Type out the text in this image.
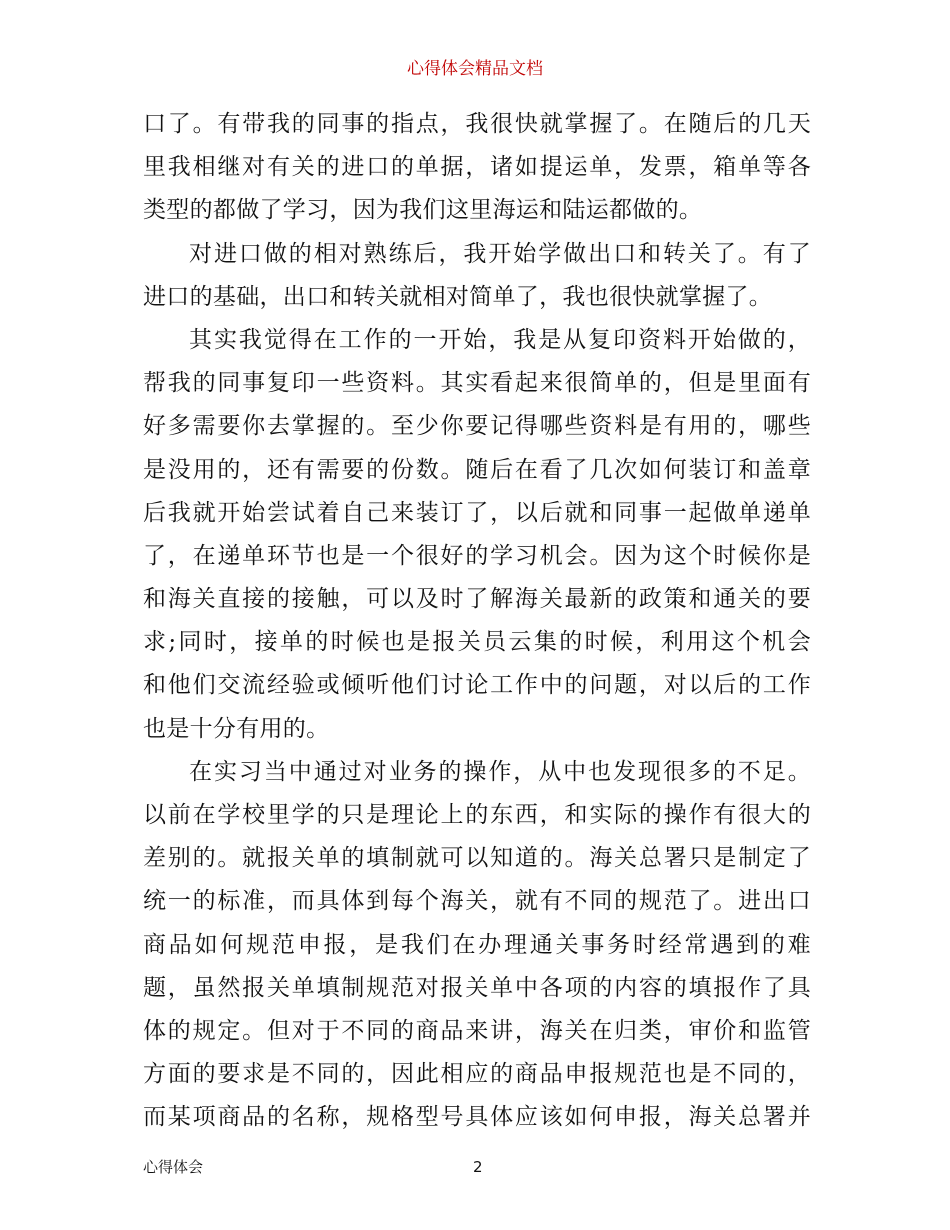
心得体会精品文档
口了。有带我的同事的指点，我很快就掌握了。在随后的几天
里我相继对有关的进口的单据，诸如提运单，发票，箱单等各
类型的都做了学习，因为我们这里海运和陆运都做的。
对进口做的相对熟练后，我开始学做出口和转关了。有了
进口的基础，出口和转关就相对简单了，我也很快就掌握了。
其实我觉得在工作的一开始，我是从复印资料开始做的，
帮我的同事复印一些资料。其实看起来很简单的，但是里面有
好多需要你去掌握的。至少你要记得哪些资料是有用的，哪些
是没用的，还有需要的份数。随后在看了几次如何装订和盖章
后我就开始尝试着自己来装订了，以后就和同事一起做单递单
了，在递单环节也是一个很好的学习机会。因为这个时候你是
和海关直接的接触，可以及时了解海关最新的政策和通关的要
求;同时，接单的时候也是报关员云集的时候，利用这个机会
和他们交流经验或倾听他们讨论工作中的问题，对以后的工作
也是十分有用的。
在实习当中通过对业务的操作，从中也发现很多的不足。
以前在学校里学的只是理论上的东西，和实际的操作有很大的
差别的。就报关单的填制就可以知道的。海关总署只是制定了
统一的标准，而具体到每个海关，就有不同的规范了。进出口
商品如何规范申报，是我们在办理通关事务时经常遇到的难
题，虽然报关单填制规范对报关单中各项的内容的填报作了具
体的规定。但对于不同的商品来讲，海关在归类，审价和监管
方面的要求是不同的，因此相应的商品申报规范也是不同的，
而某项商品的名称，规格型号具体应该如何申报，海关总署并
心得体会	2
